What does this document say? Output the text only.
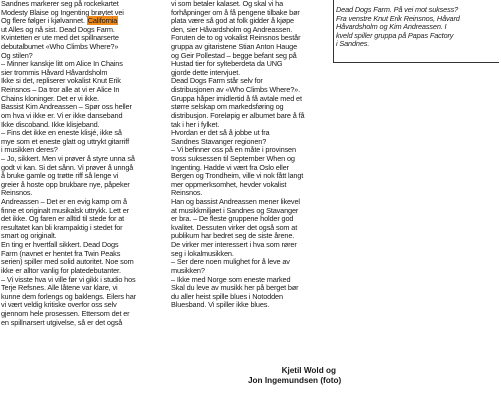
Sandnes markerer seg på rockekartet
Modesty Blaise og Ingenting brøytet vei
Og flere følger i kjølvannet. California
ut Alles og nå sist. Dead Dogs Farm.
Kvintetten er ute med det spillnarserte
debutalbumet «Who Climbs Where?»
Og stilen?
– Minner kanskje litt om Alice In Chains
sier trommis Håvard Håvardsholm
Ikke si det, repliserer vokalist Knut Erik
Reinsnos – Da tror alle at vi er Alice In
Chains kloninger. Det er vi ikke.
Bassist Kim Andreassen – Spør oss heller
om hva vi ikke er. Vi er ikke danseband
Ikke discoband. Ikke klisjeband.
– Fins det ikke en eneste klisjé, ikke så
mye som et eneste glatt og uttrykt gitarriff
i musikken deres?
– Jo, sikkert. Men vi prøver å styre unna så
godt vi kan. Si det sånn. Vi prøver å unngå
å bruke gamle og trøtte riff så lenge vi
greier å hoste opp brukbare nye, påpeker
Reinsnos.
Andreassen – Det er en evig kamp om å
finne et originalt musikalsk uttrykk. Lett er
det ikke. Og faren er alltid til stede for at
resultatet kan bli krampaktig i stedet for
smart og originalt.
En ting er hvertfall sikkert. Dead Dogs
Farm (navnet er hentet fra Twin Peaks
serien) spiller med solid autoritet. Noe som
ikke er alltor vanlig for platedebutanter.
– Vi visste hva vi ville før vi gikk i studio hos
Terje Refsnes. Alle låtene var klare, vi
kunne dem forlengs og baklengs. Eilers har
vi vært veldig kritiske overfor oss selv
gjennom hele prosessen. Ettersom det er
en spillnarsert utgivelse, så er det også
vi som betaler kalaset. Og skal vi ha
forhåpninger om å få pengene tilbake bør
plata være så god at folk gidder å kjøpe
den, sier Håvardsholm og Andreassen.
Foruten de to og vokalist Reinsnos består
gruppa av gitaristene Stian Anton Hauge
og Geir Pollestad – begge befant seg på
Hustad tier for sylteberdeta da UNG
gjorde dette intervjuet.
Dead Dogs Farm står selv for
distribusjonen av «Who Climbs Where?».
Gruppa håper imidlertid å få avtale med et
større selskap om markedsføring og
distribusjon. Foreløpig er albumet bare å få
tak i her i fylket.
Hvordan er det så å jobbe ut fra
Sandnes Stavanger regionen?
– Vi befinner oss på en måte i provinsen
tross suksessen til September When og
Ingenting. Hadde vi vært fra Oslo eller
Bergen og Trondheim, ville vi nok fått langt
mer oppmerksomhet, hevder vokalist
Reinsnos.
Han og bassist Andreassen mener likevel
at musikkmiljøet i Sandnes og Stavanger
er bra. – De fleste gruppene holder god
kvalitet. Dessuten virker det også som at
publikum har bedret seg de siste årene.
De virker mer interessert i hva som rører
seg i lokalmusikken.
– Ser dere noen mulighet for å leve av
musikken?
– Ikke med Norge som eneste marked
Skal du leve av musikk her på berget bør
du aller heist spille blues i Notodden
Bluesband. Vi spiller ikke blues.
Kjetil Wold og
Jon Ingemundsen (foto)
Dead Dogs Farm. På vei mot suksess?
Fra venstre Knut Erik Reinsnos, Håvard
Håvardsholm og Kim Andreassen. I
kveld spiller gruppa på Papas Factory
i Sandnes.
